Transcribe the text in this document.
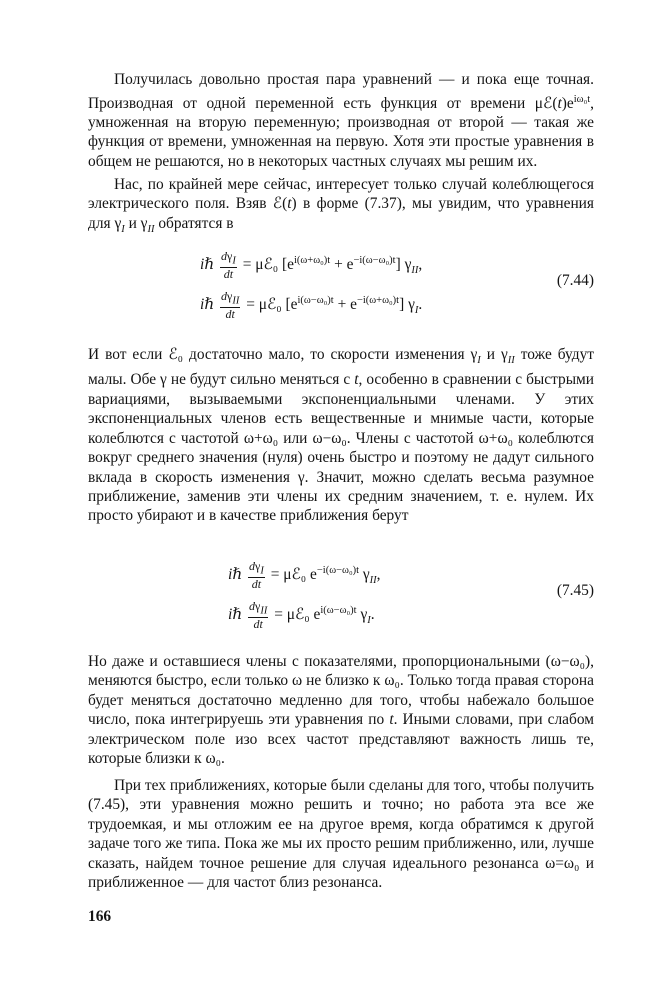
Получилась довольно простая пара уравнений — и пока еще точная. Производная от одной переменной есть функция от времени $\mu ℰ(t)e^{i\omega_0t}$, умноженная на вторую переменную; производная от второй — такая же функция от времени, умноженная на первую. Хотя эти простые уравнения в общем не решаются, но в некоторых частных случаях мы решим их.

Нас, по крайней мере сейчас, интересует только случай колеблющегося электрического поля. Взяв ℰ(t) в форме (7.37), мы увидим, что уравнения для $\gamma_I$ и $\gamma_{II}$ обратятся в

iℏ $\frac{d\gamma_I}{dt}$ = μℰ₀ $[e^{i(\omega+\omega_0)t} + e^{-i(\omega-\omega_0)t}]$ $\gamma_{II}$,
iℏ $\frac{d\gamma_{II}}{dt}$ = μℰ₀ $[e^{i(\omega-\omega_0)t} + e^{-i(\omega+\omega_0)t}]$ $\gamma_I$.
(7.44)

И вот если ℰ₀ достаточно мало, то скорости изменения $\gamma_I$ и $\gamma_{II}$ тоже будут малы. Обе γ не будут сильно меняться с t, особенно в сравнении с быстрыми вариациями, вызываемыми экспоненциальными членами. У этих экспоненциальных членов есть вещественные и мнимые части, которые колеблются с частотой ω+ω₀ или ω−ω₀. Члены с частотой ω+ω₀ колеблются вокруг среднего значения (нуля) очень быстро и поэтому не дадут сильного вклада в скорость изменения γ. Значит, можно сделать весьма разумное приближение, заменив эти члены их средним значением, т. е. нулем. Их просто убирают и в качестве приближения берут

iℏ $\frac{d\gamma_I}{dt}$ = μℰ₀ $e^{-i(\omega-\omega_0)t}$ $\gamma_{II}$,
iℏ $\frac{d\gamma_{II}}{dt}$ = μℰ₀ $e^{i(\omega-\omega_0)t}$ $\gamma_I$.
(7.45)

Но даже и оставшиеся члены с показателями, пропорциональными (ω−ω₀), меняются быстро, если только ω не близко к ω₀. Только тогда правая сторона будет меняться достаточно медленно для того, чтобы набежало большое число, пока интегрируешь эти уравнения по t. Иными словами, при слабом электрическом поле изо всех частот представляют важность лишь те, которые близки к ω₀.

При тех приближениях, которые были сделаны для того, чтобы получить (7.45), эти уравнения можно решить и точно; но работа эта все же трудоемкая, и мы отложим ее на другое время, когда обратимся к другой задаче того же типа. Пока же мы их просто решим приближенно, или, лучше сказать, найдем точное решение для случая идеального резонанса ω=ω₀ и приближенное — для частот близ резонанса.

166
